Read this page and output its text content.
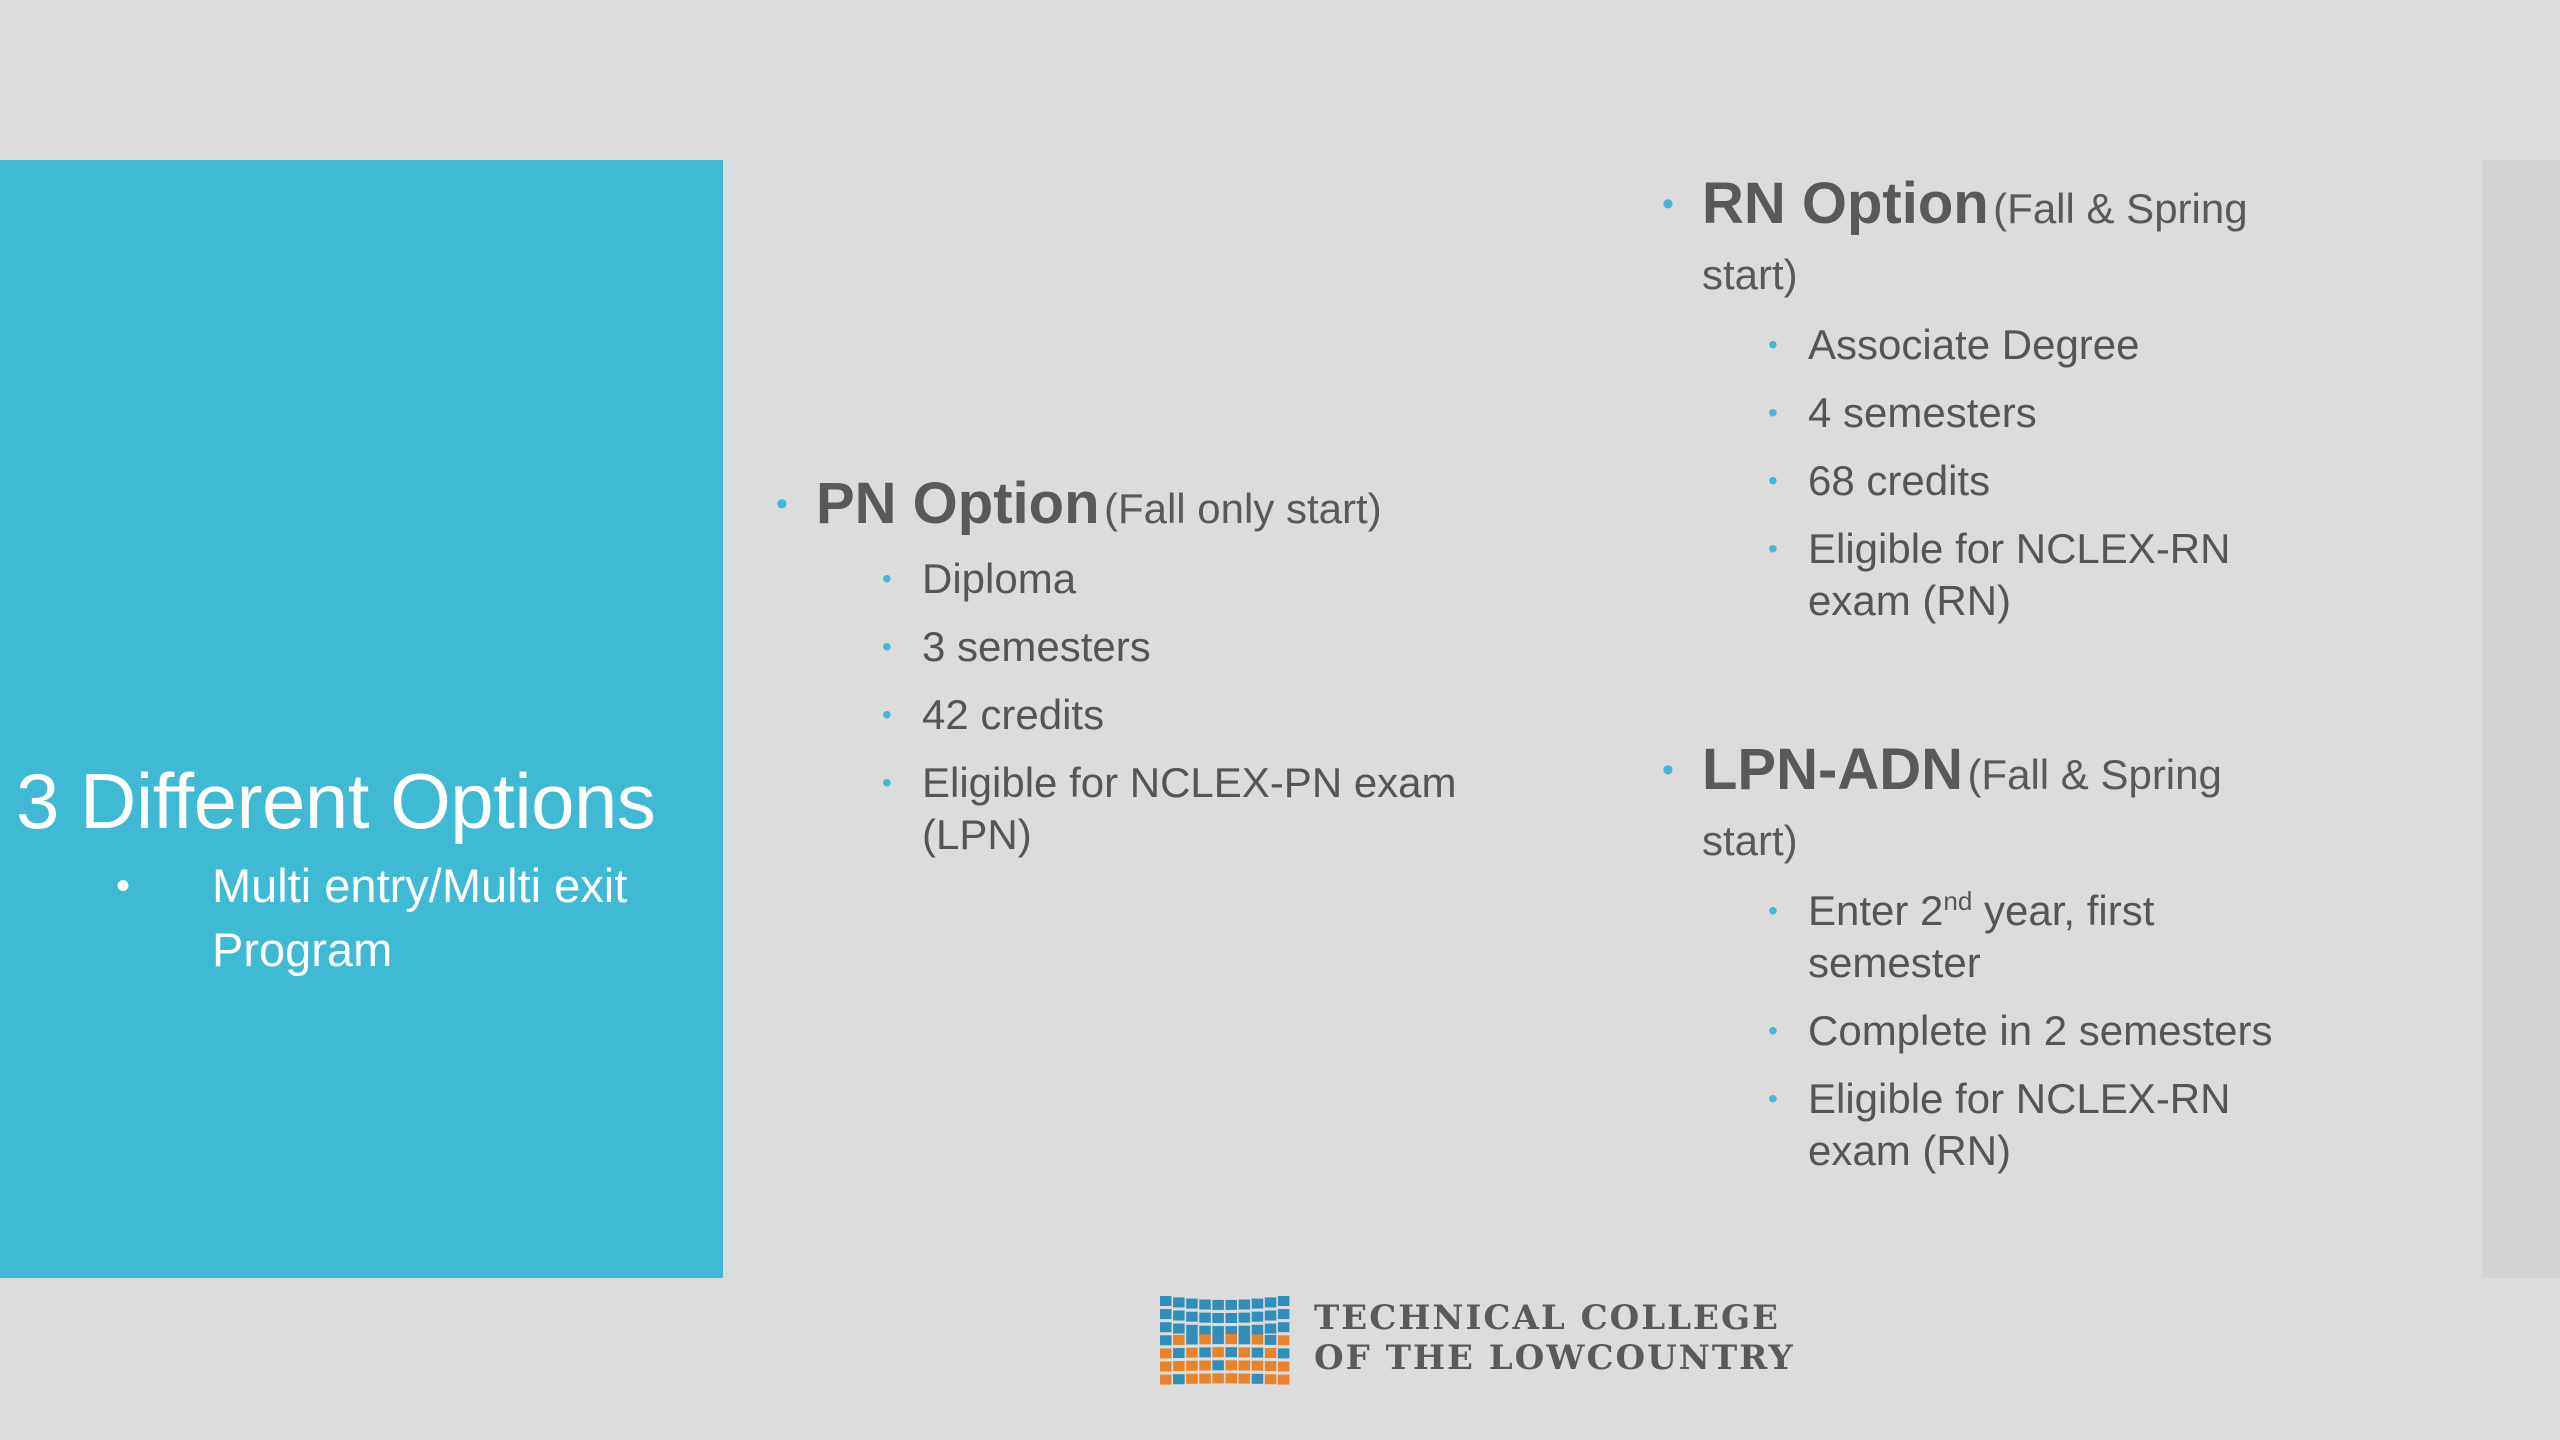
3 Different Options
• Multi entry/Multi exit Program
• PN Option (Fall only start)
• Diploma
• 3 semesters
• 42 credits
• Eligible for NCLEX-PN exam (LPN)
• RN Option (Fall & Spring start)
• Associate Degree
• 4 semesters
• 68 credits
• Eligible for NCLEX-RN exam (RN)
• LPN-ADN (Fall & Spring start)
• Enter 2nd year, first semester
• Complete in 2 semesters
• Eligible for NCLEX-RN exam (RN)
TECHNICAL COLLEGE
OF THE LOWCOUNTRY
